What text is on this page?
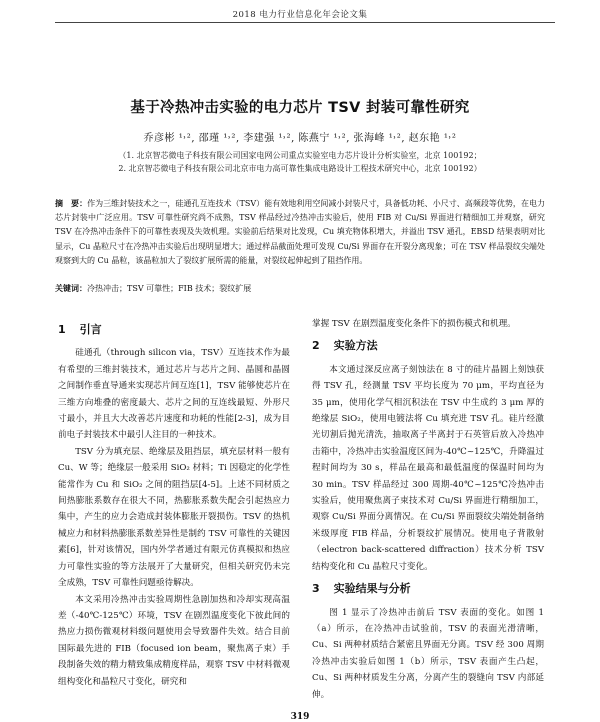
2018 电力行业信息化年会论文集
基于冷热冲击实验的电力芯片 TSV 封装可靠性研究
乔彦彬 ¹˒², 邵瑾 ¹˒², 李建强 ¹˒², 陈燕宁 ¹˒², 张海峰 ¹˒², 赵东艳 ¹˒²
（1. 北京智芯微电子科技有限公司国家电网公司重点实验室电力芯片设计分析实验室，北京 100192；
2. 北京智芯微电子科技有限公司北京市电力高可靠性集成电路设计工程技术研究中心，北京 100192）
摘　要：作为三维封装技术之一，硅通孔互连技术（TSV）能有效地利用空间减小封装尺寸，具备低功耗、小尺寸、高频段等优势，在电力芯片封装中广泛应用。TSV 可靠性研究尚不成熟，TSV 样品经过冷热冲击实验后，使用 FIB 对 Cu/Si 界面进行精细加工并观察，研究 TSV 在冷热冲击条件下的可靠性表现及失效机理。实验前后结果对比发现，Cu 填充物体积增大，并溢出 TSV 通孔，EBSD 结果表明对比显示，Cu 晶粒尺寸在冷热冲击实验后出现明显增大；通过样品截面处理可发现 Cu/Si 界面存在开裂分离现象；可在 TSV 样品裂纹尖端处观察到大的 Cu 晶粒，该晶粒加大了裂纹扩展所需的能量，对裂纹起伸起到了阻挡作用。
关键词：冷热冲击；TSV 可靠性；FIB 技术；裂纹扩展
1 引言

硅通孔（through silicon via，TSV）互连技术作为最有希望的三维封装技术，通过芯片与芯片之间、晶圆和晶圆之间制作垂直导通来实现芯片间互连[1]，TSV 能够使芯片在三维方向堆叠的密度最大、芯片之间的互连线最短、外形尺寸最小，并且大大改善芯片速度和功耗的性能[2-3]，成为目前电子封装技术中最引人注目的一种技术。

TSV 分为填充层、绝缘层及阻挡层，填充层材料一般有 Cu、W 等；绝缘层一般采用 SiO₂ 材料；Ti 因稳定的化学性能常作为 Cu 和 SiO₂ 之间的阻挡层[4-5]。上述不同材质之间热膨胀系数存在很大不同，热膨胀系数失配会引起热应力集中，产生的应力会造成封装体膨胀开裂损伤。TSV 的热机械应力和材料热膨胀系数差异性是制约 TSV 可靠性的关键因素[6]，针对该情况，国内外学者通过有限元仿真模拟和热应力可靠性实验的等方法展开了大量研究，但相关研究仍未完全成熟，TSV 可靠性问题亟待解决。

本文采用冷热冲击实验周期性急剧加热和冷却实现高温差（-40℃-125℃）环境，TSV 在剧烈温度变化下彼此间的热应力损伤微观材料级问题使用会导致器件失效。结合目前国际最先进的 FIB（focused ion beam，聚焦离子束）手段制备失效的精力精致集成精度样品，观察 TSV 中材料微观组构变化和晶粒尺寸变化，研究和

掌握 TSV 在剧烈温度变化条件下的损伤模式和机理。

2 实验方法

本文通过深反应离子刻蚀法在 8 寸的硅片晶圆上刻蚀获得 TSV 孔，经测量 TSV 平均长度为 70 μm，平均直径为 35 μm，使用化学气相沉积法在 TSV 中生成约 3 μm 厚的绝缘层 SiO₂，使用电镀法将 Cu 填充进 TSV 孔。硅片经激光切割后抛光清洗，抽取离子半离封于石英管后放入冷热冲击箱中，冷热冲击实验温度区间为-40℃~125℃，升降温过程时间均为 30 s，样品在最高和最低温度的保温时间均为 30 min。TSV 样品经过 300 周期-40℃~125℃冷热冲击实验后，使用聚焦离子束技术对 Cu/Si 界面进行精细加工，观察 Cu/Si 界面分离情况。在 Cu/Si 界面裂纹尖端处制备纳米级厚度 FIB 样品，分析裂纹扩展情况。使用电子背散射（electron back-scattered diffraction）技术分析 TSV 结构变化和 Cu 晶粒尺寸变化。

3 实验结果与分析

图 1 显示了冷热冲击前后 TSV 表面的变化。如图 1（a）所示，在冷热冲击试验前，TSV 的表面光滑清晰，Cu、Si 两种材质结合紧密且界面无分离。TSV 经 300 周期冷热冲击实验后如图 1（b）所示，TSV 表面产生凸起，Cu、Si 两种材质发生分离，分离产生的裂缝向 TSV 内部延伸。

319
